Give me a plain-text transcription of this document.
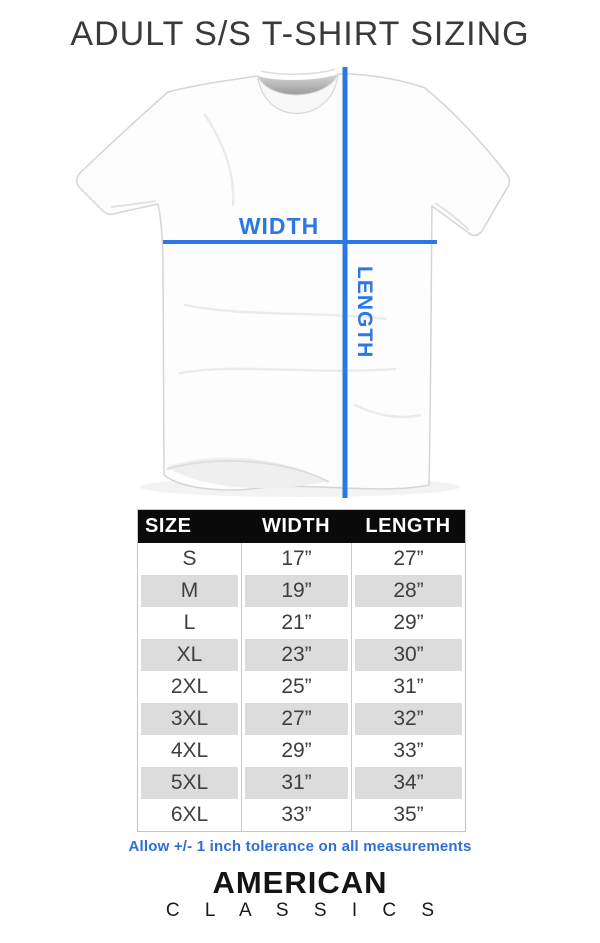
ADULT S/S T-SHIRT SIZING
WIDTH
LENGTH
SIZE	WIDTH	LENGTH
S	17”	27”
M	19”	28”
L	21”	29”
XL	23”	30”
2XL	25”	31”
3XL	27”	32”
4XL	29”	33”
5XL	31”	34”
6XL	33”	35”
Allow +/- 1 inch tolerance on all measurements
AMERICAN
C L A S S I C S
